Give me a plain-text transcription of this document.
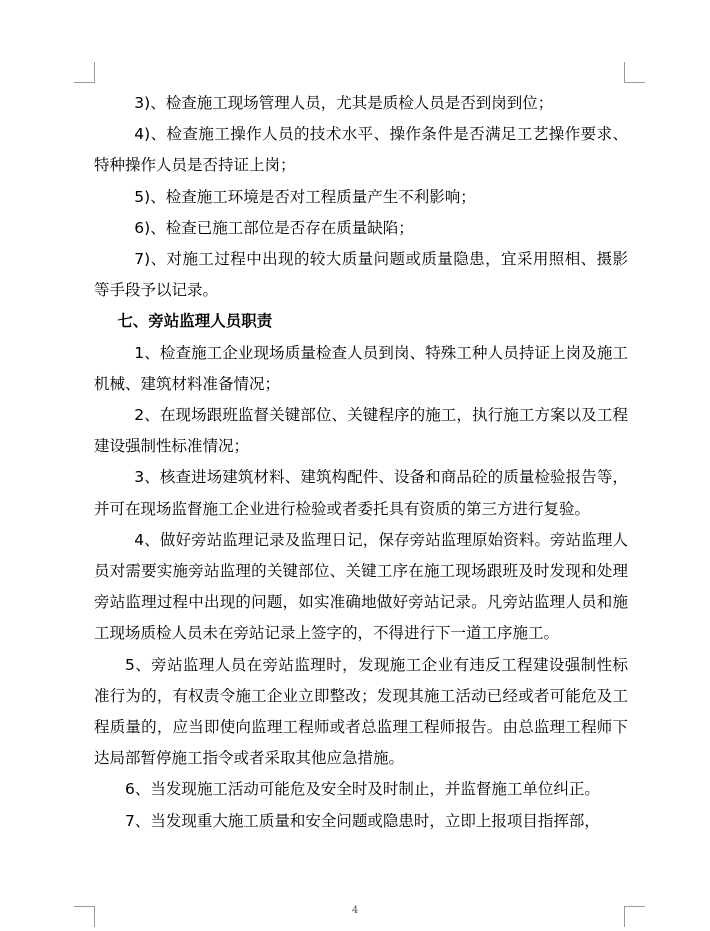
3)、检查施工现场管理人员，尤其是质检人员是否到岗到位；

4)、检查施工操作人员的技术水平、操作条件是否满足工艺操作要求、特种操作人员是否持证上岗；

5)、检查施工环境是否对工程质量产生不利影响；

6)、检查已施工部位是否存在质量缺陷；

7)、对施工过程中出现的较大质量问题或质量隐患，宜采用照相、摄影等手段予以记录。

七、旁站监理人员职责

1、检查施工企业现场质量检查人员到岗、特殊工种人员持证上岗及施工机械、建筑材料准备情况；

2、在现场跟班监督关键部位、关键程序的施工，执行施工方案以及工程建设强制性标准情况；

3、核查进场建筑材料、建筑构配件、设备和商品砼的质量检验报告等，并可在现场监督施工企业进行检验或者委托具有资质的第三方进行复验。

4、做好旁站监理记录及监理日记，保存旁站监理原始资料。旁站监理人员对需要实施旁站监理的关键部位、关键工序在施工现场跟班及时发现和处理旁站监理过程中出现的问题，如实准确地做好旁站记录。凡旁站监理人员和施工现场质检人员未在旁站记录上签字的，不得进行下一道工序施工。

5、旁站监理人员在旁站监理时，发现施工企业有违反工程建设强制性标准行为的，有权责令施工企业立即整改；发现其施工活动已经或者可能危及工程质量的，应当即使向监理工程师或者总监理工程师报告。由总监理工程师下达局部暂停施工指令或者采取其他应急措施。

6、当发现施工活动可能危及安全时及时制止，并监督施工单位纠正。

7、当发现重大施工质量和安全问题或隐患时，立即上报项目指挥部，

4
